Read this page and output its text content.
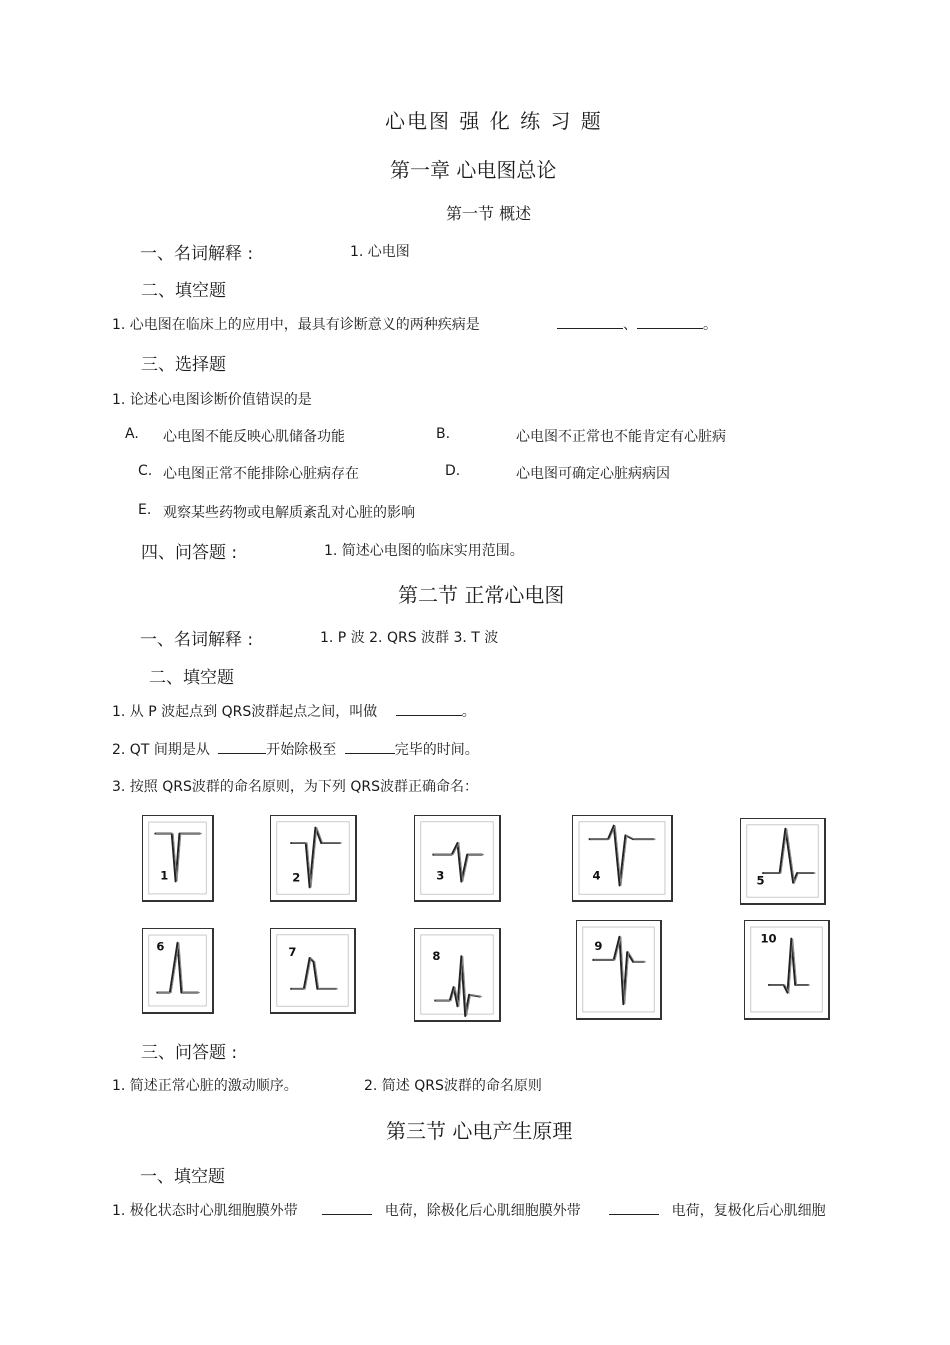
心电图 强 化 练 习 题
第一章 心电图总论
第一节 概述
一、名词解释 :	1. 心电图
二、填空题
1. 心电图在临床上的应用中，最具有诊断意义的两种疾病是	、	。
三、选择题
1. 论述心电图诊断价值错误的是
A. 心电图不能反映心肌储备功能	B.	心电图不正常也不能肯定有心脏病
C. 心电图正常不能排除心脏病存在	D.	心电图可确定心脏病病因
E. 观察某些药物或电解质紊乱对心脏的影响
四、问答题 :	1. 简述心电图的临床实用范围。
第二节 正常心电图
一、名词解释 :	1. P 波 2. QRS 波群 3. T 波
二、填空题
1. 从 P 波起点到 QRS波群起点之间，叫做	。
2. QT 间期是从	开始除极至	完毕的时间。
3. 按照 QRS波群的命名原则，为下列 QRS波群正确命名：
1	2	3	4	5
6	7	8
9
10
三、问答题 :
1. 简述正常心脏的激动顺序。	2. 简述 QRS波群的命名原则
第三节 心电产生原理
一、填空题
1. 极化状态时心肌细胞膜外带	电荷，除极化后心肌细胞膜外带	电荷，复极化后心肌细胞
